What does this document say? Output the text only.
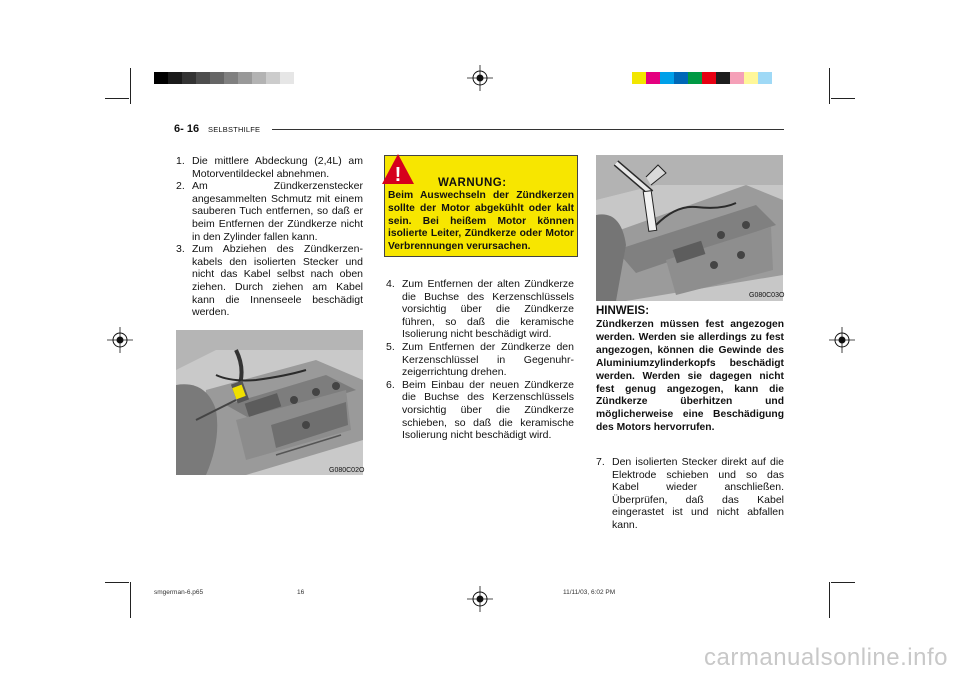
6- 16 SELBSTHILFE

1. Die mittlere Abdeckung (2,4L) am Motorventildeckel abnehmen.

2. Am Zündkerzenstecker angesammelten Schmutz mit einem sauberen Tuch entfernen, so daß er beim Entfernen der Zündkerze nicht in den Zylinder fallen kann.

3. Zum Abziehen des Zündkerzen-kabels den isolierten Stecker und nicht das Kabel selbst nach oben ziehen. Durch ziehen am Kabel kann die Innenseele beschädigt werden.

G080C02O
!	WARNUNG:
Beim Auswechseln der Zündkerzen sollte der Motor abgekühlt oder kalt sein. Bei heißem Motor können isolierte Leiter, Zündkerze oder Motor Verbrennungen verursachen.

4. Zum Entfernen der alten Zündkerze die Buchse des Kerzenschlüssels vorsichtig über die Zündkerze führen, so daß die keramische Isolierung nicht beschädigt wird.

5. Zum Entfernen der Zündkerze den Kerzenschlüssel in Gegenuhr-zeigerrichtung drehen.

6. Beim Einbau der neuen Zündkerze die Buchse des Kerzenschlüssels vorsichtig über die Zündkerze schieben, so daß die keramische Isolierung nicht beschädigt wird.

G080C03O
HINWEIS:
Zündkerzen müssen fest angezogen werden. Werden sie allerdings zu fest angezogen, können die Gewinde des Aluminiumzylinderkopfs beschädigt werden. Werden sie dagegen nicht fest genug angezogen, kann die Zündkerze überhitzen und möglicherweise eine Beschädigung des Motors hervorrufen.

7. Den isolierten Stecker direkt auf die Elektrode schieben und so das Kabel wieder anschließen. Überprüfen, daß das Kabel eingerastet ist und nicht abfallen kann.

smgerman-6.p65	16	11/11/03, 6:02 PM
carmanualsonline.info
